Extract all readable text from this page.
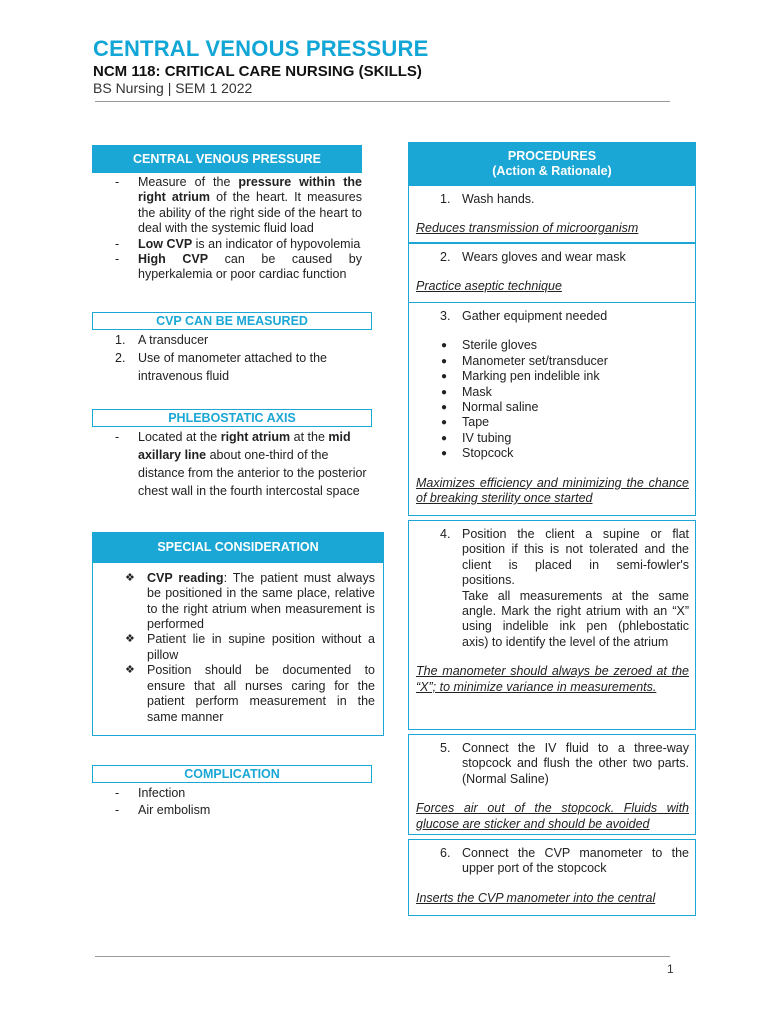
CENTRAL VENOUS PRESSURE
NCM 118: CRITICAL CARE NURSING (SKILLS)
BS Nursing | SEM 1 2022
CENTRAL VENOUS PRESSURE
- Measure of the pressure within the right atrium of the heart. It measures the ability of the right side of the heart to deal with the systemic fluid load
- Low CVP is an indicator of hypovolemia
- High CVP can be caused by hyperkalemia or poor cardiac function
CVP CAN BE MEASURED
1. A transducer
2. Use of manometer attached to the intravenous fluid
PHLEBOSTATIC AXIS
- Located at the right atrium at the mid axillary line about one-third of the distance from the anterior to the posterior chest wall in the fourth intercostal space
SPECIAL CONSIDERATION
❖ CVP reading: The patient must always be positioned in the same place, relative to the right atrium when measurement is performed
❖ Patient lie in supine position without a pillow
❖ Position should be documented to ensure that all nurses caring for the patient perform measurement in the same manner
COMPLICATION
- Infection
- Air embolism
PROCEDURES
(Action & Rationale)
1. Wash hands.
Reduces transmission of microorganism
2. Wears gloves and wear mask
Practice aseptic technique
3. Gather equipment needed
● Sterile gloves
● Manometer set/transducer
● Marking pen indelible ink
● Mask
● Normal saline
● Tape
● IV tubing
● Stopcock
Maximizes efficiency and minimizing the chance of breaking sterility once started
4. Position the client a supine or flat position if this is not tolerated and the client is placed in semi-fowler's positions.
Take all measurements at the same angle. Mark the right atrium with an “X” using indelible ink pen (phlebostatic axis) to identify the level of the atrium
The manometer should always be zeroed at the “X”; to minimize variance in measurements.
5. Connect the IV fluid to a three-way stopcock and flush the other two parts. (Normal Saline)
Forces air out of the stopcock. Fluids with glucose are sticker and should be avoided
6. Connect the CVP manometer to the upper port of the stopcock
Inserts the CVP manometer into the central
1
